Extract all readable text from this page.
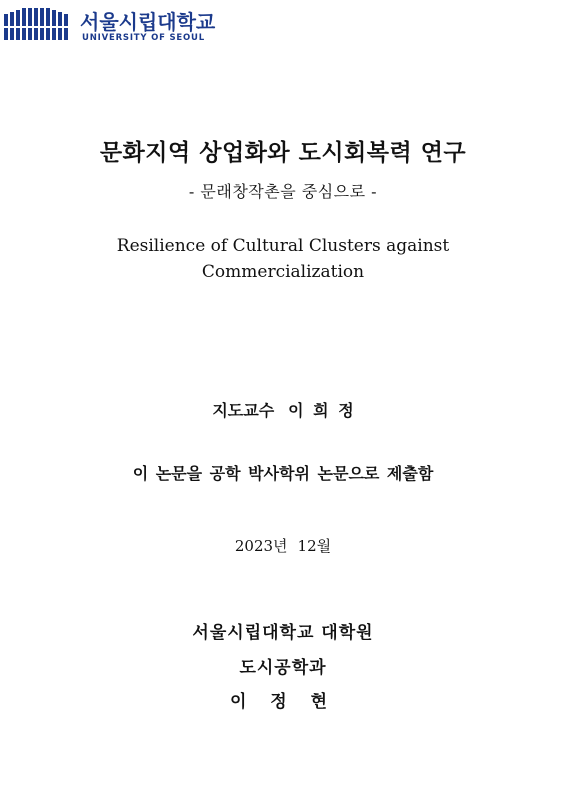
서울시립대학교
UNIVERSITY OF SEOUL
문화지역 상업화와 도시회복력 연구
- 문래창작촌을 중심으로 -
Resilience of Cultural Clusters against
Commercialization
지도교수 이 희 정
이 논문을 공학 박사학위 논문으로 제출함
2023년 12월
서울시립대학교 대학원
도시공학과
이 정 현
